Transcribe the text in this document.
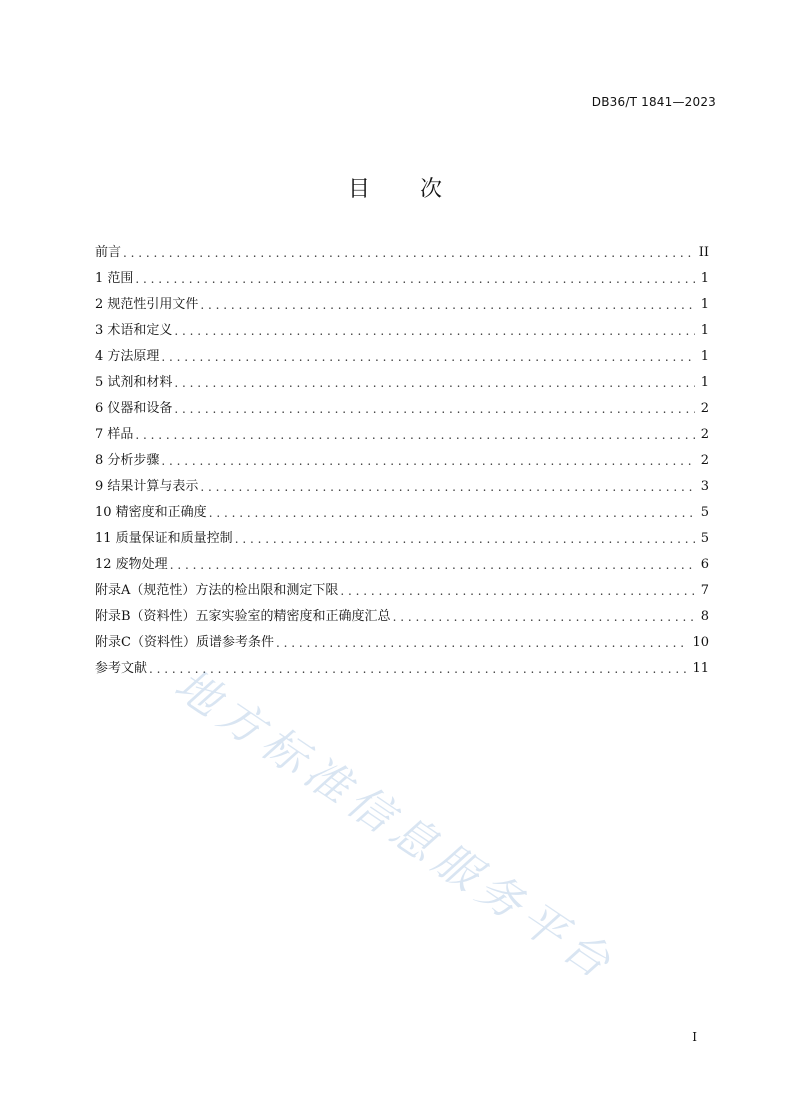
DB36/T 1841—2023
目 次
前言 . . .	II
1 范围 . . .	1
2 规范性引用文件 . . .	1
3 术语和定义 . . .	1
4 方法原理 . . .	1
5 试剂和材料 . . .	1
6 仪器和设备 . . .	2
7 样品 . . .	2
8 分析步骤 . . .	2
9 结果计算与表示 . . .	3
10 精密度和正确度 . . .	5
11 质量保证和质量控制 . . .	5
12 废物处理 . . .	6
附录A（规范性）方法的检出限和测定下限 . . .	7
附录B（资料性）五家实验室的精密度和正确度汇总 . . .	8
附录C（资料性）质谱参考条件 . . .	10
参考文献 . . .	11
地方标准信息服务平台
I
